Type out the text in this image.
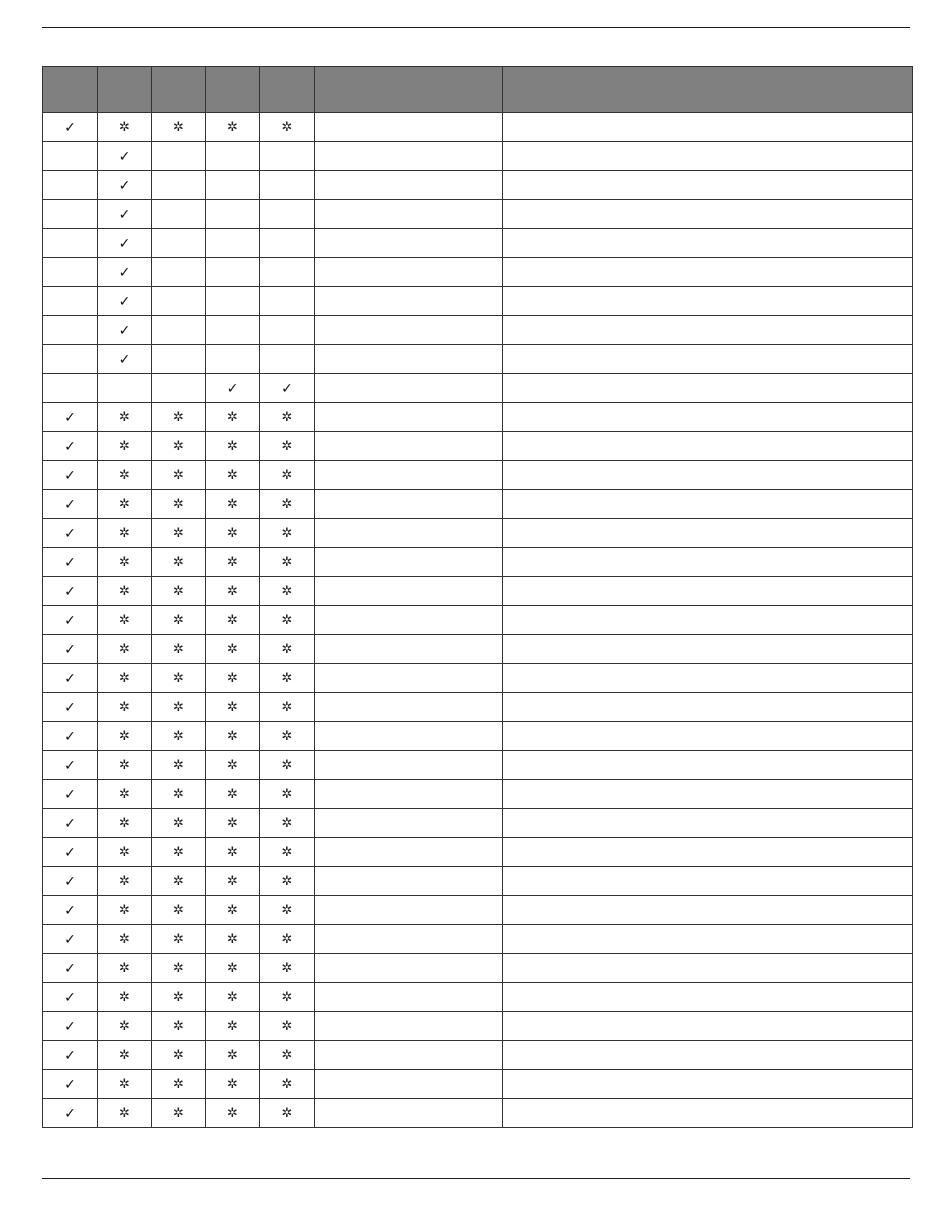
✓	✲	✲	✲	✲		
	✓					
	✓					
	✓					
	✓					
	✓					
	✓					
	✓					
	✓					
			✓	✓		
✓	✲	✲	✲	✲		
✓	✲	✲	✲	✲		
✓	✲	✲	✲	✲		
✓	✲	✲	✲	✲		
✓	✲	✲	✲	✲		
✓	✲	✲	✲	✲		
✓	✲	✲	✲	✲		
✓	✲	✲	✲	✲		
✓	✲	✲	✲	✲		
✓	✲	✲	✲	✲		
✓	✲	✲	✲	✲		
✓	✲	✲	✲	✲		
✓	✲	✲	✲	✲		
✓	✲	✲	✲	✲		
✓	✲	✲	✲	✲		
✓	✲	✲	✲	✲		
✓	✲	✲	✲	✲		
✓	✲	✲	✲	✲		
✓	✲	✲	✲	✲		
✓	✲	✲	✲	✲		
✓	✲	✲	✲	✲		
✓	✲	✲	✲	✲		
✓	✲	✲	✲	✲		
✓	✲	✲	✲	✲		
✓	✲	✲	✲	✲		
